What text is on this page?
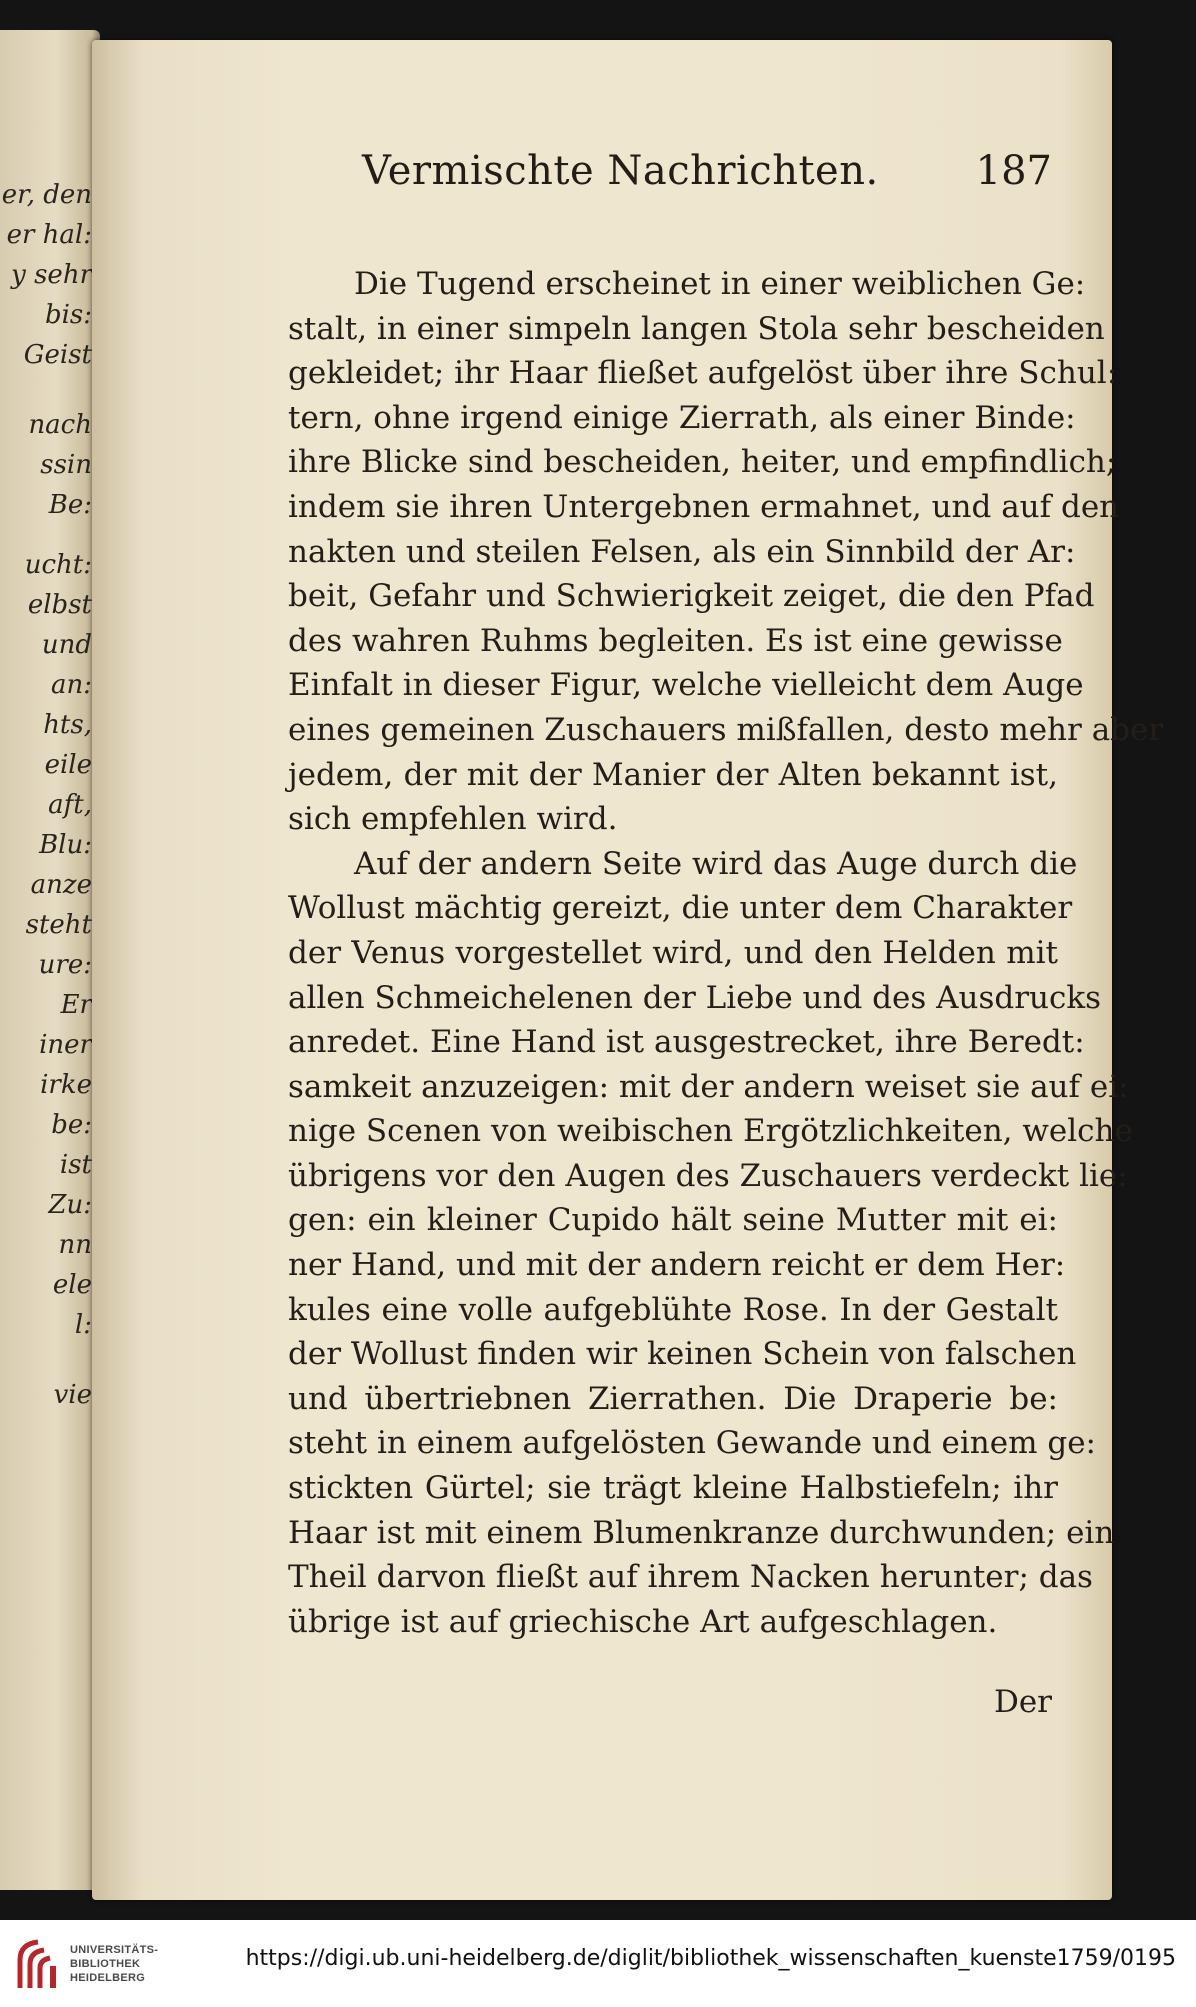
er, den
er hal:
y sehr
bis:
Geist
nach
ssin
Be:
ucht:
elbst
und
an:
hts,
eile
aft,
Blu:
anze
steht
ure:
Er
iner
irke
be:
ist
Zu:
nn
ele
l:
vie
Vermischte Nachrichten. 187
Die Tugend erscheinet in einer weiblichen Ge:
stalt, in einer simpeln langen Stola sehr bescheiden
gekleidet; ihr Haar fließet aufgelöst über ihre Schul:
tern, ohne irgend einige Zierrath, als einer Binde:
ihre Blicke sind bescheiden, heiter, und empfindlich;
indem sie ihren Untergebnen ermahnet, und auf den
nakten und steilen Felsen, als ein Sinnbild der Ar:
beit, Gefahr und Schwierigkeit zeiget, die den Pfad
des wahren Ruhms begleiten. Es ist eine gewisse
Einfalt in dieser Figur, welche vielleicht dem Auge
eines gemeinen Zuschauers mißfallen, desto mehr aber
jedem, der mit der Manier der Alten bekannt ist,
sich empfehlen wird.
Auf der andern Seite wird das Auge durch die
Wollust mächtig gereizt, die unter dem Charakter
der Venus vorgestellet wird, und den Helden mit
allen Schmeichelenen der Liebe und des Ausdrucks
anredet. Eine Hand ist ausgestrecket, ihre Beredt:
samkeit anzuzeigen: mit der andern weiset sie auf ei:
nige Scenen von weibischen Ergötzlichkeiten, welche
übrigens vor den Augen des Zuschauers verdeckt lie:
gen: ein kleiner Cupido hält seine Mutter mit ei:
ner Hand, und mit der andern reicht er dem Her:
kules eine volle aufgeblühte Rose. In der Gestalt
der Wollust finden wir keinen Schein von falschen
und übertriebnen Zierrathen. Die Draperie be:
steht in einem aufgelösten Gewande und einem ge:
stickten Gürtel; sie trägt kleine Halbstiefeln; ihr
Haar ist mit einem Blumenkranze durchwunden; ein
Theil darvon fließt auf ihrem Nacken herunter; das
übrige ist auf griechische Art aufgeschlagen.
Der
UNIVERSITÄTS-
BIBLIOTHEK
HEIDELBERG
https://digi.ub.uni-heidelberg.de/diglit/bibliothek_wissenschaften_kuenste1759/0195
